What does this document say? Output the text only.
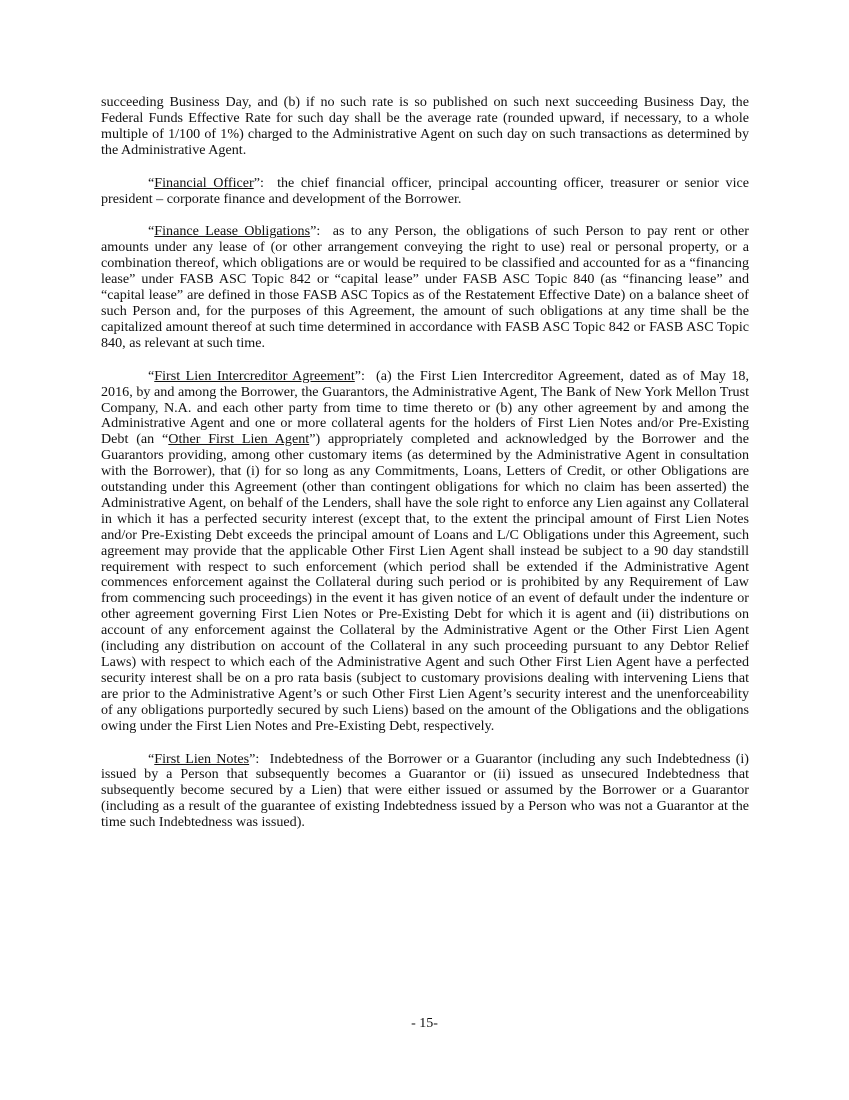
succeeding Business Day, and (b) if no such rate is so published on such next succeeding Business Day, the Federal Funds Effective Rate for such day shall be the average rate (rounded upward, if necessary, to a whole multiple of 1/100 of 1%) charged to the Administrative Agent on such day on such transactions as determined by the Administrative Agent.

“Financial Officer”:  the chief financial officer, principal accounting officer, treasurer or senior vice president – corporate finance and development of the Borrower.

“Finance Lease Obligations”:  as to any Person, the obligations of such Person to pay rent or other amounts under any lease of (or other arrangement conveying the right to use) real or personal property, or a combination thereof, which obligations are or would be required to be classified and accounted for as a “financing lease” under FASB ASC Topic 842 or “capital lease” under FASB ASC Topic 840 (as “financing lease” and “capital lease” are defined in those FASB ASC Topics as of the Restatement Effective Date) on a balance sheet of such Person and, for the purposes of this Agreement, the amount of such obligations at any time shall be the capitalized amount thereof at such time determined in accordance with FASB ASC Topic 842 or FASB ASC Topic 840, as relevant at such time.

“First Lien Intercreditor Agreement”:  (a) the First Lien Intercreditor Agreement, dated as of May 18, 2016, by and among the Borrower, the Guarantors, the Administrative Agent, The Bank of New York Mellon Trust Company, N.A. and each other party from time to time thereto or (b) any other agreement by and among the Administrative Agent and one or more collateral agents for the holders of First Lien Notes and/or Pre-Existing Debt (an “Other First Lien Agent”) appropriately completed and acknowledged by the Borrower and the Guarantors providing, among other customary items (as determined by the Administrative Agent in consultation with the Borrower), that (i) for so long as any Commitments, Loans, Letters of Credit, or other Obligations are outstanding under this Agreement (other than contingent obligations for which no claim has been asserted) the Administrative Agent, on behalf of the Lenders, shall have the sole right to enforce any Lien against any Collateral in which it has a perfected security interest (except that, to the extent the principal amount of First Lien Notes and/or Pre-Existing Debt exceeds the principal amount of Loans and L/C Obligations under this Agreement, such agreement may provide that the applicable Other First Lien Agent shall instead be subject to a 90 day standstill requirement with respect to such enforcement (which period shall be extended if the Administrative Agent commences enforcement against the Collateral during such period or is prohibited by any Requirement of Law from commencing such proceedings) in the event it has given notice of an event of default under the indenture or other agreement governing First Lien Notes or Pre-Existing Debt for which it is agent and (ii) distributions on account of any enforcement against the Collateral by the Administrative Agent or the Other First Lien Agent (including any distribution on account of the Collateral in any such proceeding pursuant to any Debtor Relief Laws) with respect to which each of the Administrative Agent and such Other First Lien Agent have a perfected security interest shall be on a pro rata basis (subject to customary provisions dealing with intervening Liens that are prior to the Administrative Agent’s or such Other First Lien Agent’s security interest and the unenforceability of any obligations purportedly secured by such Liens) based on the amount of the Obligations and the obligations owing under the First Lien Notes and Pre-Existing Debt, respectively.

“First Lien Notes”:  Indebtedness of the Borrower or a Guarantor (including any such Indebtedness (i) issued by a Person that subsequently becomes a Guarantor or (ii) issued as unsecured Indebtedness that subsequently become secured by a Lien) that were either issued or assumed by the Borrower or a Guarantor (including as a result of the guarantee of existing Indebtedness issued by a Person who was not a Guarantor at the time such Indebtedness was issued).

- 15-
